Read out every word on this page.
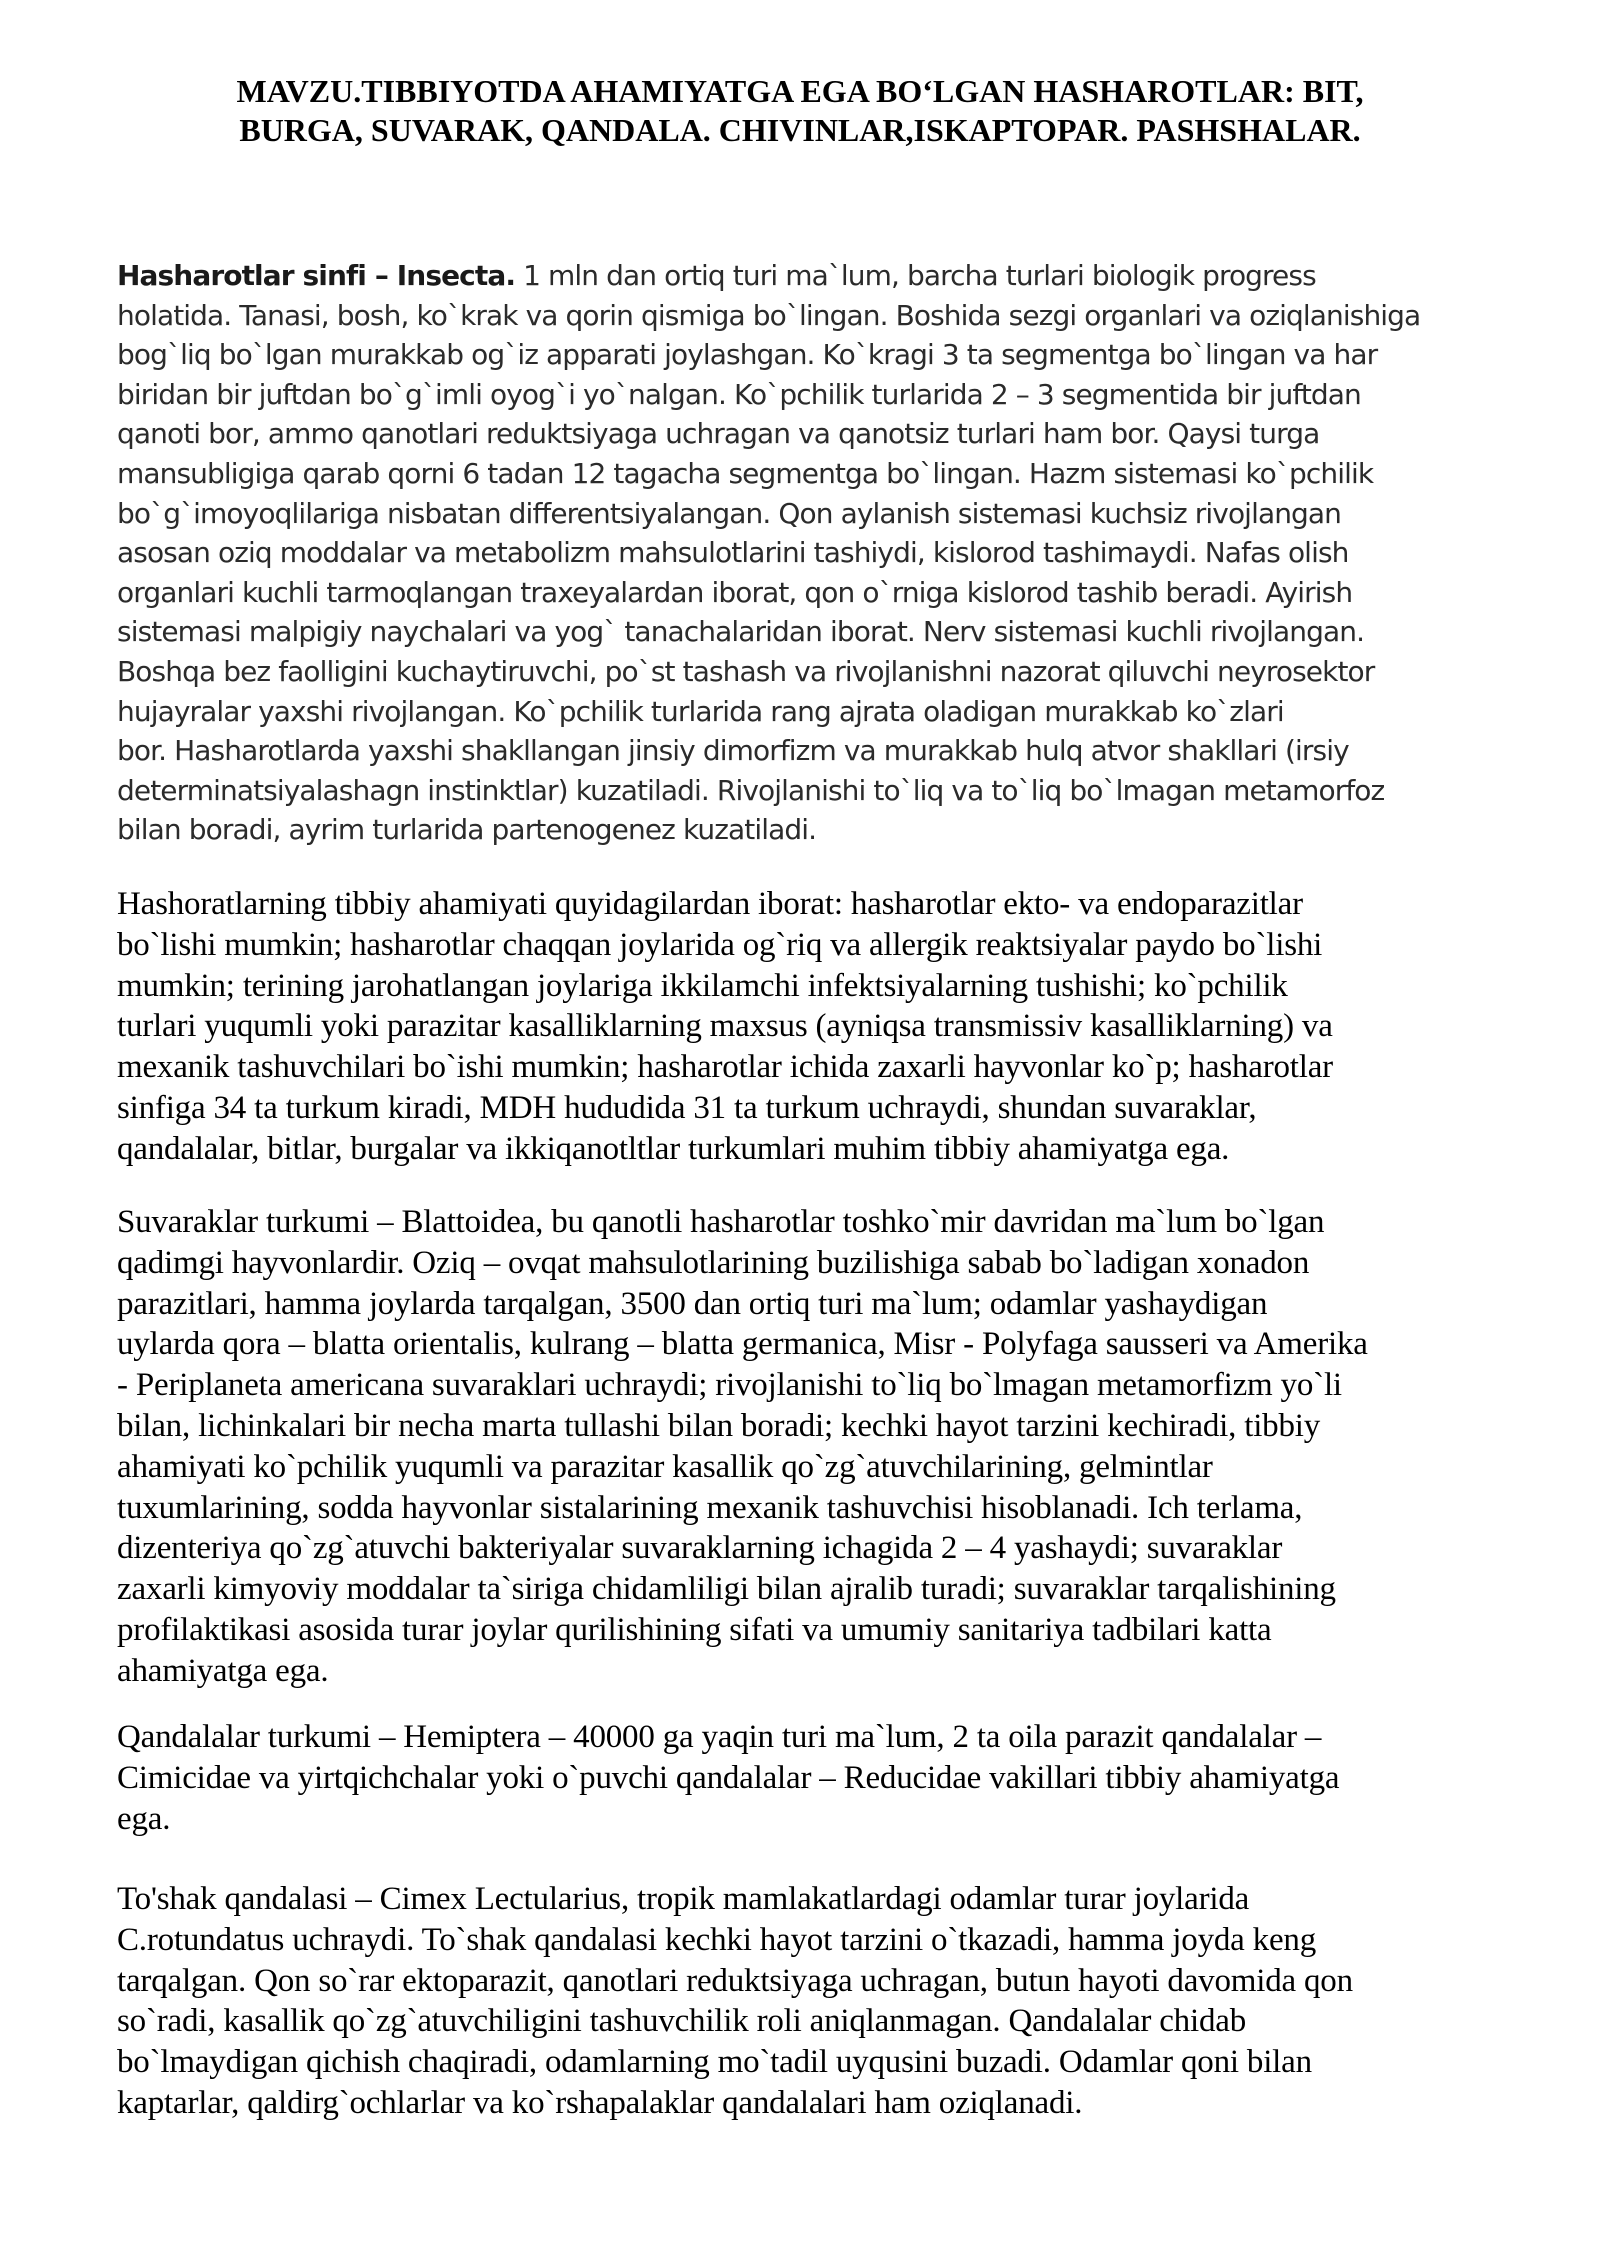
MAVZU.TIBBIYOTDA AHAMIYATGA EGA BO‘LGAN HASHAROTLAR: BIT,
BURGA, SUVARAK, QANDALA. CHIVINLAR,ISKAPTOPAR. PASHSHALAR.

Hasharotlar sinfi – Insecta. 1 mln dan ortiq turi ma`lum, barcha turlari biologik progress
holatida. Tanasi, bosh, ko`krak va qorin qismiga bo`lingan. Boshida sezgi organlari va oziqlanishiga
bog`liq bo`lgan murakkab og`iz apparati joylashgan. Ko`kragi 3 ta segmentga bo`lingan va har
biridan bir juftdan bo`g`imli oyog`i yo`nalgan. Ko`pchilik turlarida 2 – 3 segmentida bir juftdan
qanoti bor, ammo qanotlari reduktsiyaga uchragan va qanotsiz turlari ham bor. Qaysi turga
mansubligiga qarab qorni 6 tadan 12 tagacha segmentga bo`lingan. Hazm sistemasi ko`pchilik
bo`g`imoyoqlilariga nisbatan differentsiyalangan. Qon aylanish sistemasi kuchsiz rivojlangan
asosan oziq moddalar va metabolizm mahsulotlarini tashiydi, kislorod tashimaydi. Nafas olish
organlari kuchli tarmoqlangan traxeyalardan iborat, qon o`rniga kislorod tashib beradi. Ayirish
sistemasi malpigiy naychalari va yog` tanachalaridan iborat. Nerv sistemasi kuchli rivojlangan.
Boshqa bez faolligini kuchaytiruvchi, po`st tashash va rivojlanishni nazorat qiluvchi neyrosektor
hujayralar yaxshi rivojlangan. Ko`pchilik turlarida rang ajrata oladigan murakkab ko`zlari
bor. Hasharotlarda yaxshi shakllangan jinsiy dimorfizm va murakkab hulq atvor shakllari (irsiy
determinatsiyalashagn instinktlar) kuzatiladi. Rivojlanishi to`liq va to`liq bo`lmagan metamorfoz
bilan boradi, ayrim turlarida partenogenez kuzatiladi.

Hashoratlarning tibbiy ahamiyati quyidagilardan iborat: hasharotlar ekto- va endoparazitlar
bo`lishi mumkin; hasharotlar chaqqan joylarida og`riq va allergik reaktsiyalar paydo bo`lishi
mumkin; terining jarohatlangan joylariga ikkilamchi infektsiyalarning tushishi; ko`pchilik
turlari yuqumli yoki parazitar kasalliklarning maxsus (ayniqsa transmissiv kasalliklarning) va
mexanik tashuvchilari bo`ishi mumkin; hasharotlar ichida zaxarli hayvonlar ko`p; hasharotlar
sinfiga 34 ta turkum kiradi, MDH hududida 31 ta turkum uchraydi, shundan suvaraklar,
qandalalar, bitlar, burgalar va ikkiqanotltlar turkumlari muhim tibbiy ahamiyatga ega.

Suvaraklar turkumi – Blattoidea, bu qanotli hasharotlar toshko`mir davridan ma`lum bo`lgan
qadimgi hayvonlardir. Oziq – ovqat mahsulotlarining buzilishiga sabab bo`ladigan xonadon
parazitlari, hamma joylarda tarqalgan, 3500 dan ortiq turi ma`lum; odamlar yashaydigan
uylarda qora – blatta orientalis, kulrang – blatta germanica, Misr - Polyfaga sausseri va Amerika
- Periplaneta americana suvaraklari uchraydi; rivojlanishi to`liq bo`lmagan metamorfizm yo`li
bilan, lichinkalari bir necha marta tullashi bilan boradi; kechki hayot tarzini kechiradi, tibbiy
ahamiyati ko`pchilik yuqumli va parazitar kasallik qo`zg`atuvchilarining, gelmintlar
tuxumlarining, sodda hayvonlar sistalarining mexanik tashuvchisi hisoblanadi. Ich terlama,
dizenteriya qo`zg`atuvchi bakteriyalar suvaraklarning ichagida 2 – 4 yashaydi; suvaraklar
zaxarli kimyoviy moddalar ta`siriga chidamliligi bilan ajralib turadi; suvaraklar tarqalishining
profilaktikasi asosida turar joylar qurilishining sifati va umumiy sanitariya tadbilari katta
ahamiyatga ega.

Qandalalar turkumi – Hemiptera – 40000 ga yaqin turi ma`lum, 2 ta oila parazit qandalalar –
Cimicidae va yirtqichchalar yoki o`puvchi qandalalar – Reducidae vakillari tibbiy ahamiyatga
ega.

To'shak qandalasi – Cimex Lectularius, tropik mamlakatlardagi odamlar turar joylarida
C.rotundatus uchraydi. To`shak qandalasi kechki hayot tarzini o`tkazadi, hamma joyda keng
tarqalgan. Qon so`rar ektoparazit, qanotlari reduktsiyaga uchragan, butun hayoti davomida qon
so`radi, kasallik qo`zg`atuvchiligini tashuvchilik roli aniqlanmagan. Qandalalar chidab
bo`lmaydigan qichish chaqiradi, odamlarning mo`tadil uyqusini buzadi. Odamlar qoni bilan
kaptarlar, qaldirg`ochlarlar va ko`rshapalaklar qandalalari ham oziqlanadi.
